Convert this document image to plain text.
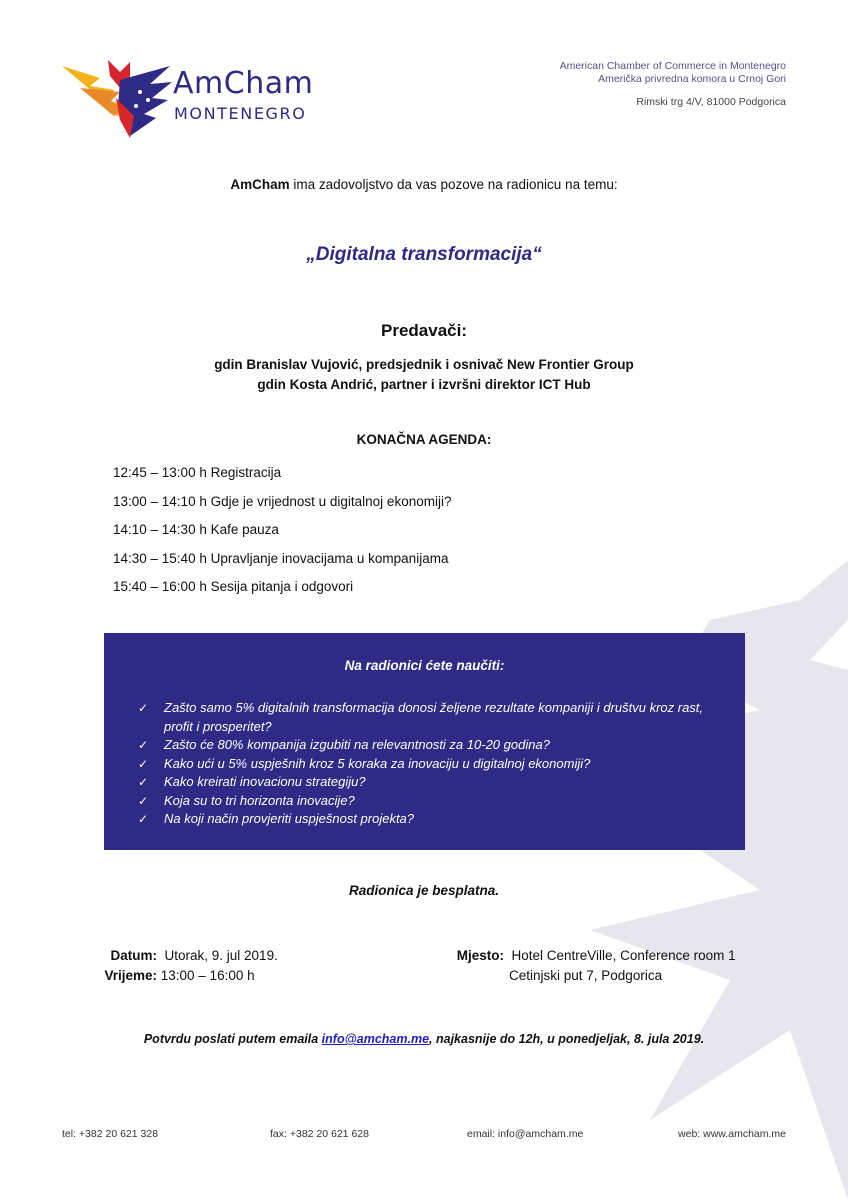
AmCham
MONTENEGRO
American Chamber of Commerce in Montenegro
Američka privredna komora u Crnoj Gori
Rimski trg 4/V, 81000 Podgorica
AmCham ima zadovoljstvo da vas pozove na radionicu na temu:
„Digitalna transformacija“
Predavači:
gdin Branislav Vujović, predsjednik i osnivač New Frontier Group
gdin Kosta Andrić, partner i izvršni direktor ICT Hub
KONAČNA AGENDA:
12:45 – 13:00 h Registracija
13:00 – 14:10 h Gdje je vrijednost u digitalnoj ekonomiji?
14:10 – 14:30 h Kafe pauza
14:30 – 15:40 h Upravljanje inovacijama u kompanijama
15:40 – 16:00 h Sesija pitanja i odgovori
Na radionici ćete naučiti:
✓ Zašto samo 5% digitalnih transformacija donosi željene rezultate kompaniji i društvu kroz rast, profit i prosperitet?
✓ Zašto će 80% kompanija izgubiti na relevantnosti za 10-20 godina?
✓ Kako ući u 5% uspješnih kroz 5 koraka za inovaciju u digitalnoj ekonomiji?
✓ Kako kreirati inovacionu strategiju?
✓ Koja su to tri horizonta inovacije?
✓ Na koji način provjeriti uspješnost projekta?
Radionica je besplatna.
Datum: Utorak, 9. jul 2019.
Vrijeme: 13:00 – 16:00 h
Mjesto: Hotel CentreVille, Conference room 1
Cetinjski put 7, Podgorica
Potvrdu poslati putem emaila info@amcham.me, najkasnije do 12h, u ponedjeljak, 8. jula 2019.
tel: +382 20 621 328	fax: +382 20 621 628	email: info@amcham.me	web: www.amcham.me
